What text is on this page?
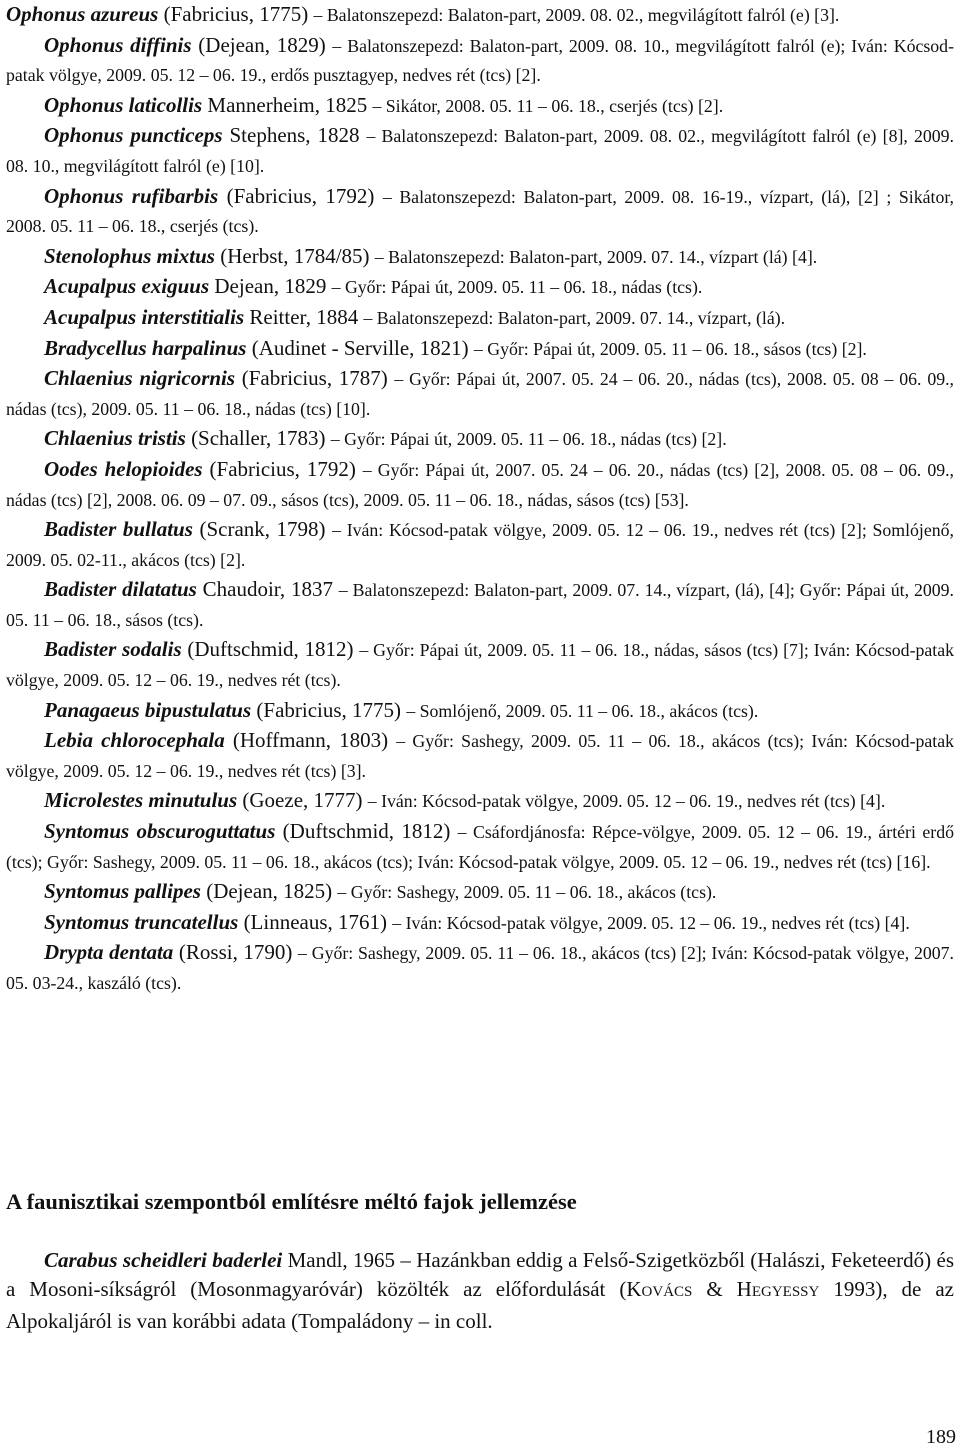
Ophonus azureus (Fabricius, 1775) – Balatonszepezd: Balaton-part, 2009. 08. 02., megvilágított falról (e) [3].

Ophonus diffinis (Dejean, 1829) – Balatonszepezd: Balaton-part, 2009. 08. 10., megvilágított falról (e); Iván: Kócsod-patak völgye, 2009. 05. 12 – 06. 19., erdős pusztagyep, nedves rét (tcs) [2].

Ophonus laticollis Mannerheim, 1825 – Sikátor, 2008. 05. 11 – 06. 18., cserjés (tcs) [2].

Ophonus puncticeps Stephens, 1828 – Balatonszepezd: Balaton-part, 2009. 08. 02., megvilágított falról (e) [8], 2009. 08. 10., megvilágított falról (e) [10].

Ophonus rufibarbis (Fabricius, 1792) – Balatonszepezd: Balaton-part, 2009. 08. 16-19., vízpart, (lá), [2] ; Sikátor, 2008. 05. 11 – 06. 18., cserjés (tcs).

Stenolophus mixtus (Herbst, 1784/85) – Balatonszepezd: Balaton-part, 2009. 07. 14., vízpart (lá) [4].

Acupalpus exiguus Dejean, 1829 – Győr: Pápai út, 2009. 05. 11 – 06. 18., nádas (tcs).

Acupalpus interstitialis Reitter, 1884 – Balatonszepezd: Balaton-part, 2009. 07. 14., vízpart, (lá).

Bradycellus harpalinus (Audinet - Serville, 1821) – Győr: Pápai út, 2009. 05. 11 – 06. 18., sásos (tcs) [2].

Chlaenius nigricornis (Fabricius, 1787) – Győr: Pápai út, 2007. 05. 24 – 06. 20., nádas (tcs), 2008. 05. 08 – 06. 09., nádas (tcs), 2009. 05. 11 – 06. 18., nádas (tcs) [10].

Chlaenius tristis (Schaller, 1783) – Győr: Pápai út, 2009. 05. 11 – 06. 18., nádas (tcs) [2].

Oodes helopioides (Fabricius, 1792) – Győr: Pápai út, 2007. 05. 24 – 06. 20., nádas (tcs) [2], 2008. 05. 08 – 06. 09., nádas (tcs) [2], 2008. 06. 09 – 07. 09., sásos (tcs), 2009. 05. 11 – 06. 18., nádas, sásos (tcs) [53].

Badister bullatus (Scrank, 1798) – Iván: Kócsod-patak völgye, 2009. 05. 12 – 06. 19., nedves rét (tcs) [2]; Somlójenő, 2009. 05. 02-11., akácos (tcs) [2].

Badister dilatatus Chaudoir, 1837 – Balatonszepezd: Balaton-part, 2009. 07. 14., vízpart, (lá), [4]; Győr: Pápai út, 2009. 05. 11 – 06. 18., sásos (tcs).

Badister sodalis (Duftschmid, 1812) – Győr: Pápai út, 2009. 05. 11 – 06. 18., nádas, sásos (tcs) [7]; Iván: Kócsod-patak völgye, 2009. 05. 12 – 06. 19., nedves rét (tcs).

Panagaeus bipustulatus (Fabricius, 1775) – Somlójenő, 2009. 05. 11 – 06. 18., akácos (tcs).

Lebia chlorocephala (Hoffmann, 1803) – Győr: Sashegy, 2009. 05. 11 – 06. 18., akácos (tcs); Iván: Kócsod-patak völgye, 2009. 05. 12 – 06. 19., nedves rét (tcs) [3].

Microlestes minutulus (Goeze, 1777) – Iván: Kócsod-patak völgye, 2009. 05. 12 – 06. 19., nedves rét (tcs) [4].

Syntomus obscuroguttatus (Duftschmid, 1812) – Csáfordjánosfa: Répce-völgye, 2009. 05. 12 – 06. 19., ártéri erdő (tcs); Győr: Sashegy, 2009. 05. 11 – 06. 18., akácos (tcs); Iván: Kócsod-patak völgye, 2009. 05. 12 – 06. 19., nedves rét (tcs) [16].

Syntomus pallipes (Dejean, 1825) – Győr: Sashegy, 2009. 05. 11 – 06. 18., akácos (tcs).

Syntomus truncatellus (Linneaus, 1761) – Iván: Kócsod-patak völgye, 2009. 05. 12 – 06. 19., nedves rét (tcs) [4].

Drypta dentata (Rossi, 1790) – Győr: Sashegy, 2009. 05. 11 – 06. 18., akácos (tcs) [2]; Iván: Kócsod-patak völgye, 2007. 05. 03-24., kaszáló (tcs).

A faunisztikai szempontból említésre méltó fajok jellemzése

Carabus scheidleri baderlei Mandl, 1965 – Hazánkban eddig a Felső-Szigetközből (Halászi, Feketeerdő) és a Mosoni-síkságról (Mosonmagyaróvár) közölték az előfordulását (KOVÁCS & HEGYESSY 1993), de az Alpokaljáról is van korábbi adata (Tompaládony – in coll.

189
